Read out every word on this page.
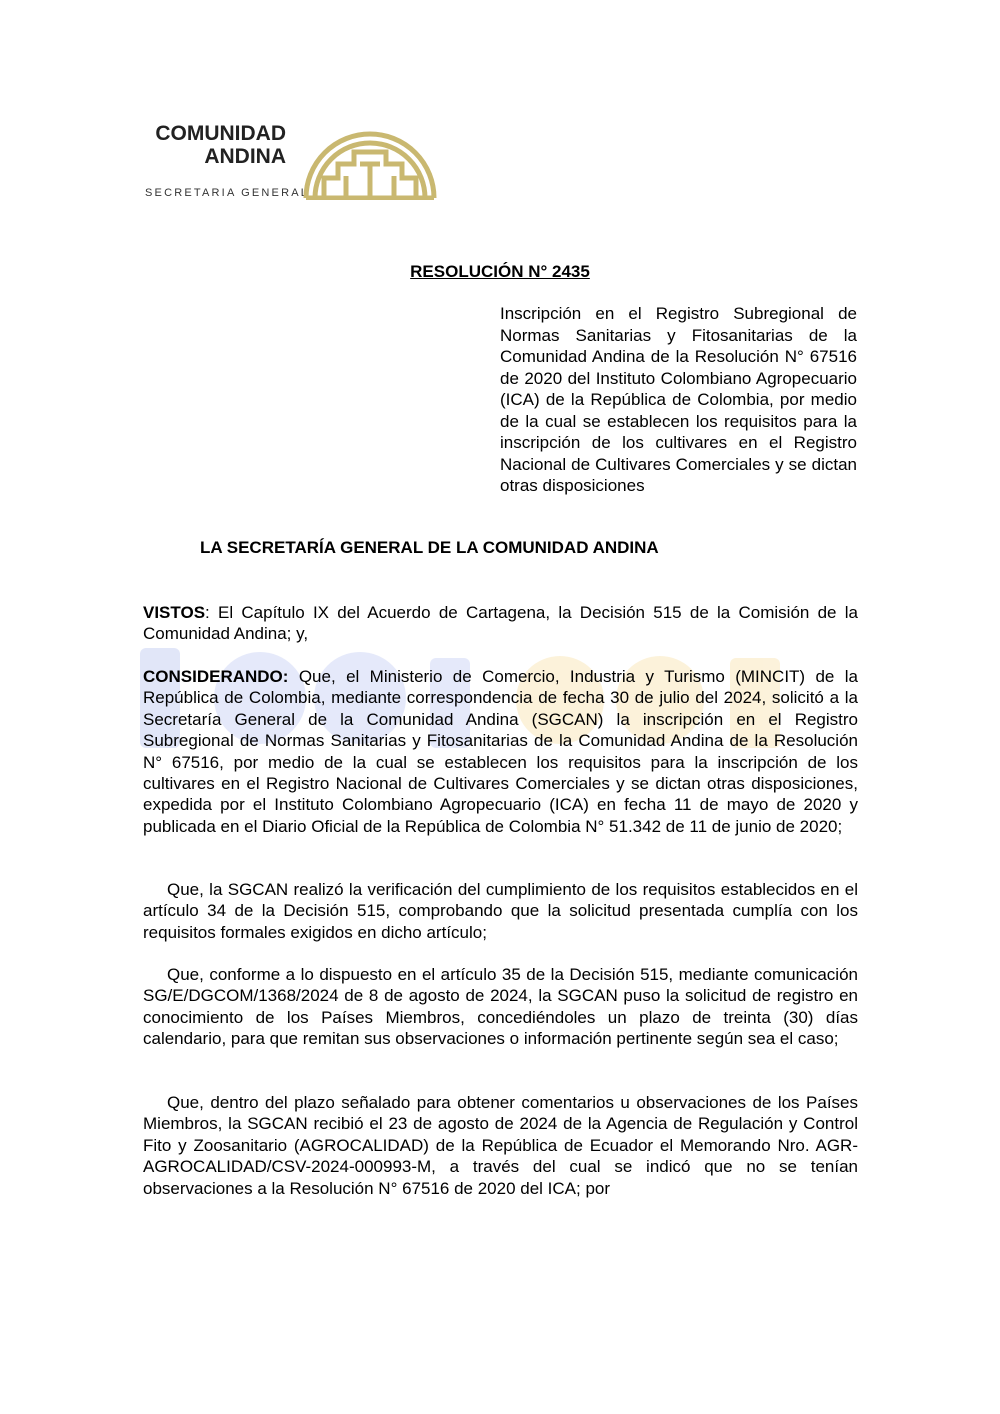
COMUNIDAD
ANDINA
SECRETARIA GENERAL
RESOLUCIÓN N° 2435
Inscripción en el Registro Subregional de Normas Sanitarias y Fitosanitarias de la Comunidad Andina de la Resolución N° 67516 de 2020 del Instituto Colombiano Agropecuario (ICA) de la República de Colombia, por medio de la cual se establecen los requisitos para la inscripción de los cultivares en el Registro Nacional de Cultivares Comerciales y se dictan otras disposiciones
LA SECRETARÍA GENERAL DE LA COMUNIDAD ANDINA
VISTOS: El Capítulo IX del Acuerdo de Cartagena, la Decisión 515 de la Comisión de la Comunidad Andina; y,
CONSIDERANDO: Que, el Ministerio de Comercio, Industria y Turismo (MINCIT) de la República de Colombia, mediante correspondencia de fecha 30 de julio del 2024, solicitó a la Secretaría General de la Comunidad Andina (SGCAN) la inscripción en el Registro Subregional de Normas Sanitarias y Fitosanitarias de la Comunidad Andina de la Resolución N° 67516, por medio de la cual se establecen los requisitos para la inscripción de los cultivares en el Registro Nacional de Cultivares Comerciales y se dictan otras disposiciones, expedida por el Instituto Colombiano Agropecuario (ICA) en fecha 11 de mayo de 2020 y publicada en el Diario Oficial de la República de Colombia N° 51.342 de 11 de junio de 2020;
Que, la SGCAN realizó la verificación del cumplimiento de los requisitos establecidos en el artículo 34 de la Decisión 515, comprobando que la solicitud presentada cumplía con los requisitos formales exigidos en dicho artículo;
Que, conforme a lo dispuesto en el artículo 35 de la Decisión 515, mediante comunicación SG/E/DGCOM/1368/2024 de 8 de agosto de 2024, la SGCAN puso la solicitud de registro en conocimiento de los Países Miembros, concediéndoles un plazo de treinta (30) días calendario, para que remitan sus observaciones o información pertinente según sea el caso;
Que, dentro del plazo señalado para obtener comentarios u observaciones de los Países Miembros, la SGCAN recibió el 23 de agosto de 2024 de la Agencia de Regulación y Control Fito y Zoosanitario (AGROCALIDAD) de la República de Ecuador el Memorando Nro. AGR-AGROCALIDAD/CSV-2024-000993-M, a través del cual se indicó que no se tenían observaciones a la Resolución N° 67516 de 2020 del ICA; por
